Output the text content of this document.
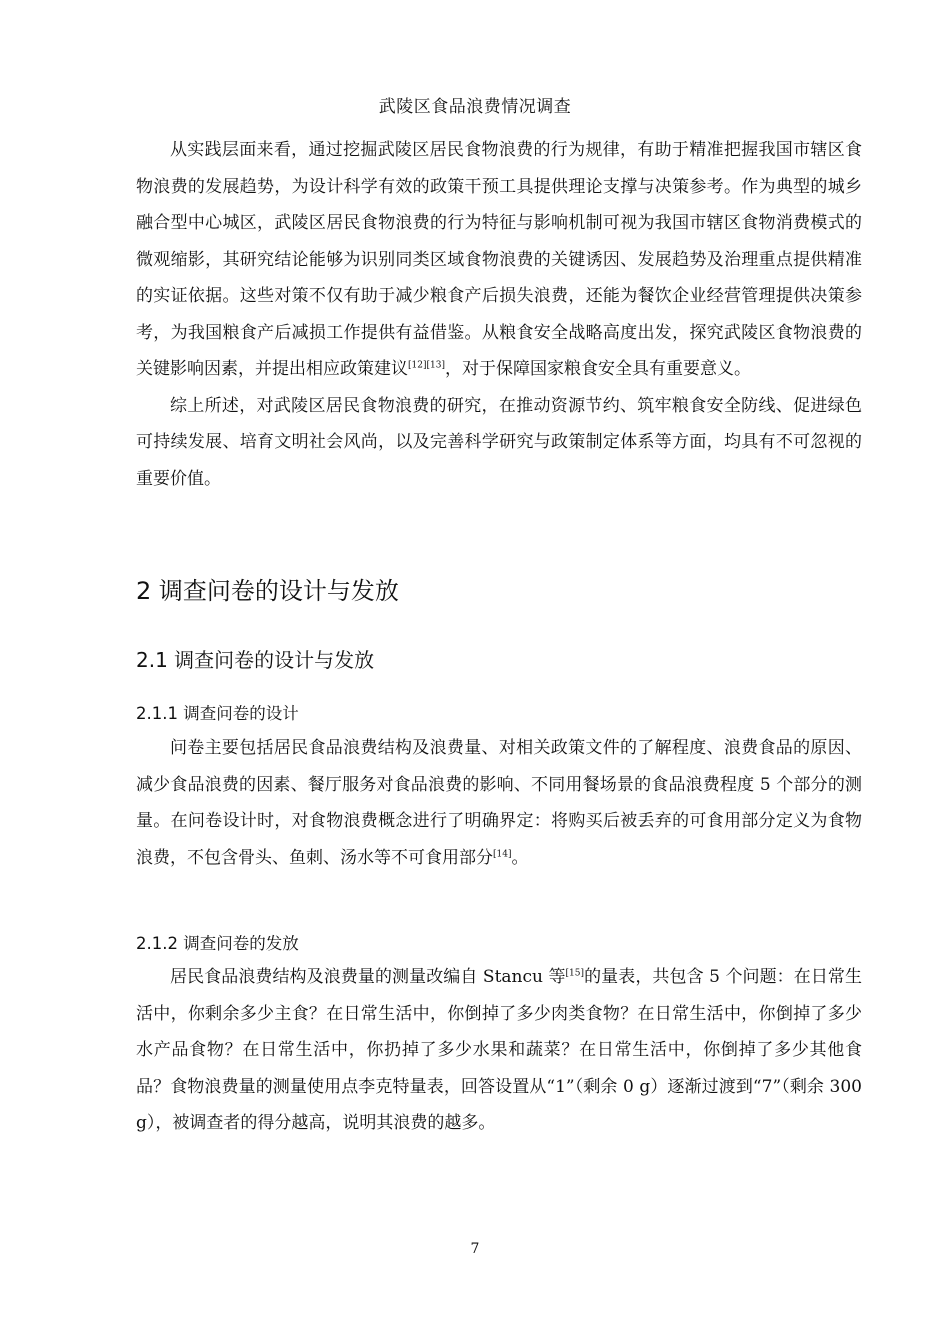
武陵区食品浪费情况调查

从实践层面来看，通过挖掘武陵区居民食物浪费的行为规律，有助于精准把握我国市辖区食物浪费的发展趋势，为设计科学有效的政策干预工具提供理论支撑与决策参考。作为典型的城乡融合型中心城区，武陵区居民食物浪费的行为特征与影响机制可视为我国市辖区食物消费模式的微观缩影，其研究结论能够为识别同类区域食物浪费的关键诱因、发展趋势及治理重点提供精准的实证依据。这些对策不仅有助于减少粮食产后损失浪费，还能为餐饮企业经营管理提供决策参考，为我国粮食产后减损工作提供有益借鉴。从粮食安全战略高度出发，探究武陵区食物浪费的关键影响因素，并提出相应政策建议[12][13]，对于保障国家粮食安全具有重要意义。

综上所述，对武陵区居民食物浪费的研究，在推动资源节约、筑牢粮食安全防线、促进绿色可持续发展、培育文明社会风尚，以及完善科学研究与政策制定体系等方面，均具有不可忽视的重要价值。

2 调查问卷的设计与发放
2.1 调查问卷的设计与发放
2.1.1 调查问卷的设计

问卷主要包括居民食品浪费结构及浪费量、对相关政策文件的了解程度、浪费食品的原因、减少食品浪费的因素、餐厅服务对食品浪费的影响、不同用餐场景的食品浪费程度 5 个部分的测量。在问卷设计时，对食物浪费概念进行了明确界定：将购买后被丢弃的可食用部分定义为食物浪费，不包含骨头、鱼刺、汤水等不可食用部分[14]。

2.1.2 调查问卷的发放

居民食品浪费结构及浪费量的测量改编自 Stancu 等[15]的量表，共包含 5 个问题：在日常生活中，你剩余多少主食？在日常生活中，你倒掉了多少肉类食物？在日常生活中，你倒掉了多少水产品食物？在日常生活中，你扔掉了多少水果和蔬菜？在日常生活中，你倒掉了多少其他食品？食物浪费量的测量使用点李克特量表，回答设置从“1”（剩余 0 g）逐渐过渡到“7”（剩余 300 g），被调查者的得分越高，说明其浪费的越多。

7
